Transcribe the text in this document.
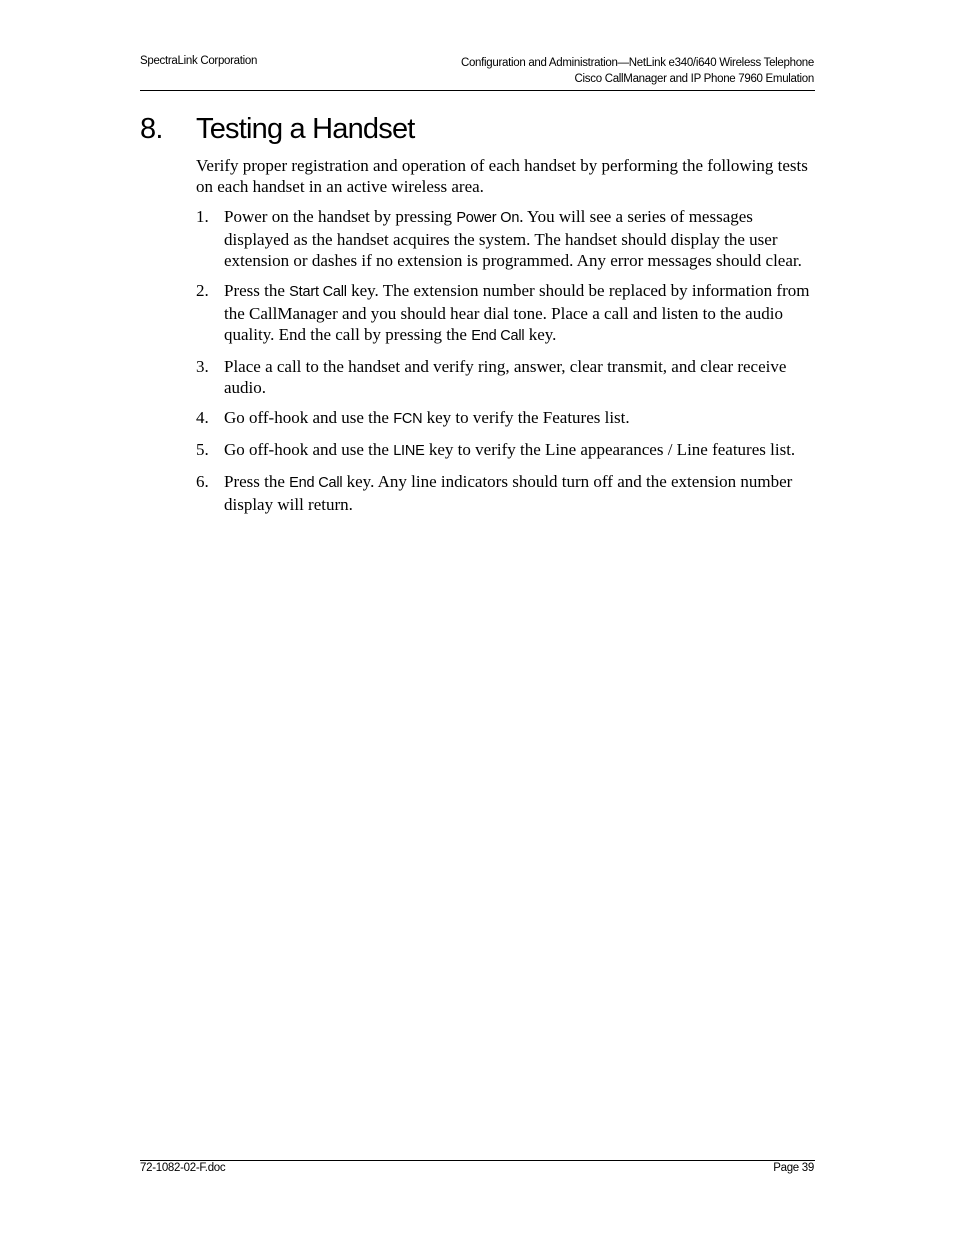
SpectraLink Corporation	Configuration and Administration—NetLink e340/i640 Wireless Telephone
Cisco CallManager and IP Phone 7960 Emulation
8. Testing a Handset

Verify proper registration and operation of each handset by performing the following tests on each handset in an active wireless area.

1. Power on the handset by pressing Power On. You will see a series of messages displayed as the handset acquires the system. The handset should display the user extension or dashes if no extension is programmed. Any error messages should clear.
2. Press the Start Call key. The extension number should be replaced by information from the CallManager and you should hear dial tone. Place a call and listen to the audio quality. End the call by pressing the End Call key.
3. Place a call to the handset and verify ring, answer, clear transmit, and clear receive audio.
4. Go off-hook and use the FCN key to verify the Features list.
5. Go off-hook and use the LINE key to verify the Line appearances / Line features list.
6. Press the End Call key. Any line indicators should turn off and the extension number display will return.
72-1082-02-F.doc	Page 39
